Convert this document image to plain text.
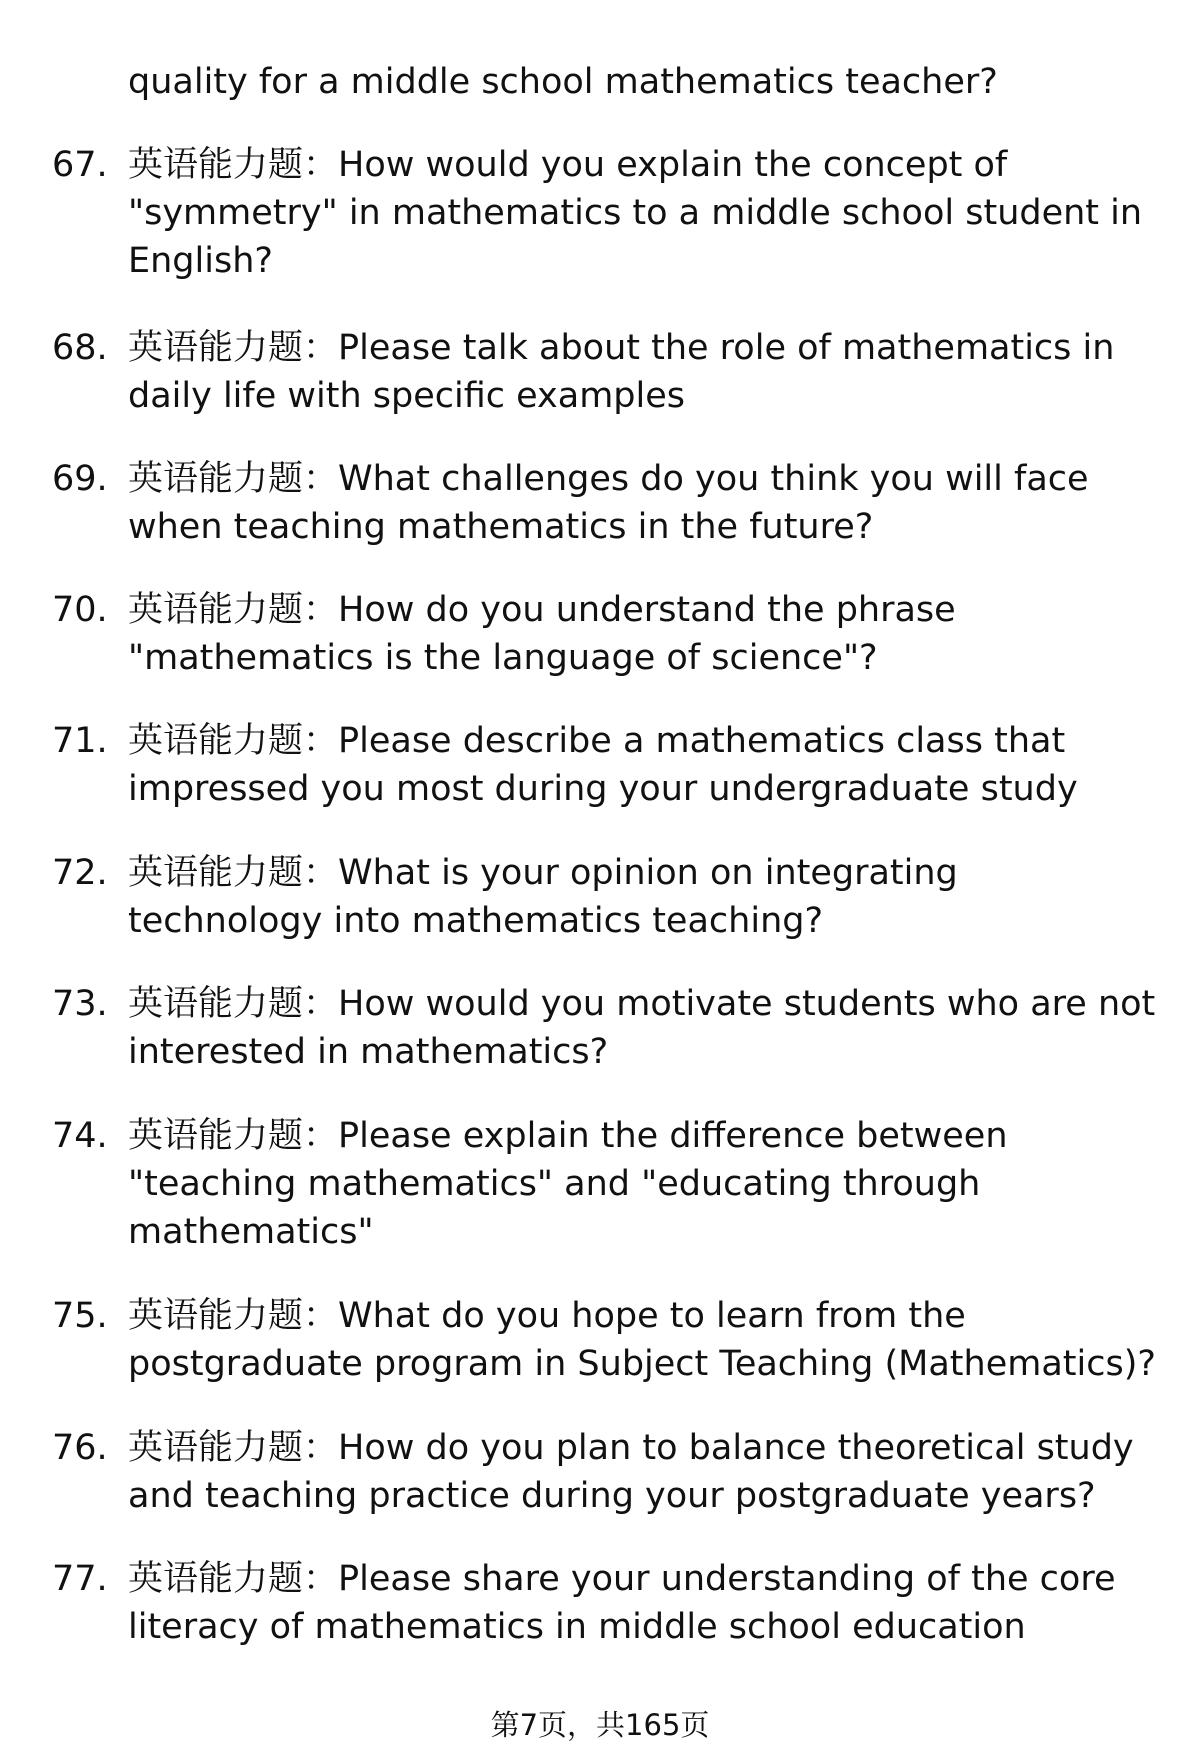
quality for a middle school mathematics teacher?
67. 英语能力题：How would you explain the concept of "symmetry" in mathematics to a middle school student in English?
68. 英语能力题：Please talk about the role of mathematics in daily life with specific examples
69. 英语能力题：What challenges do you think you will face when teaching mathematics in the future?
70. 英语能力题：How do you understand the phrase "mathematics is the language of science"?
71. 英语能力题：Please describe a mathematics class that impressed you most during your undergraduate study
72. 英语能力题：What is your opinion on integrating technology into mathematics teaching?
73. 英语能力题：How would you motivate students who are not interested in mathematics?
74. 英语能力题：Please explain the difference between "teaching mathematics" and "educating through mathematics"
75. 英语能力题：What do you hope to learn from the postgraduate program in Subject Teaching (Mathematics)?
76. 英语能力题：How do you plan to balance theoretical study and teaching practice during your postgraduate years?
77. 英语能力题：Please share your understanding of the core literacy of mathematics in middle school education
第7页，共165页
